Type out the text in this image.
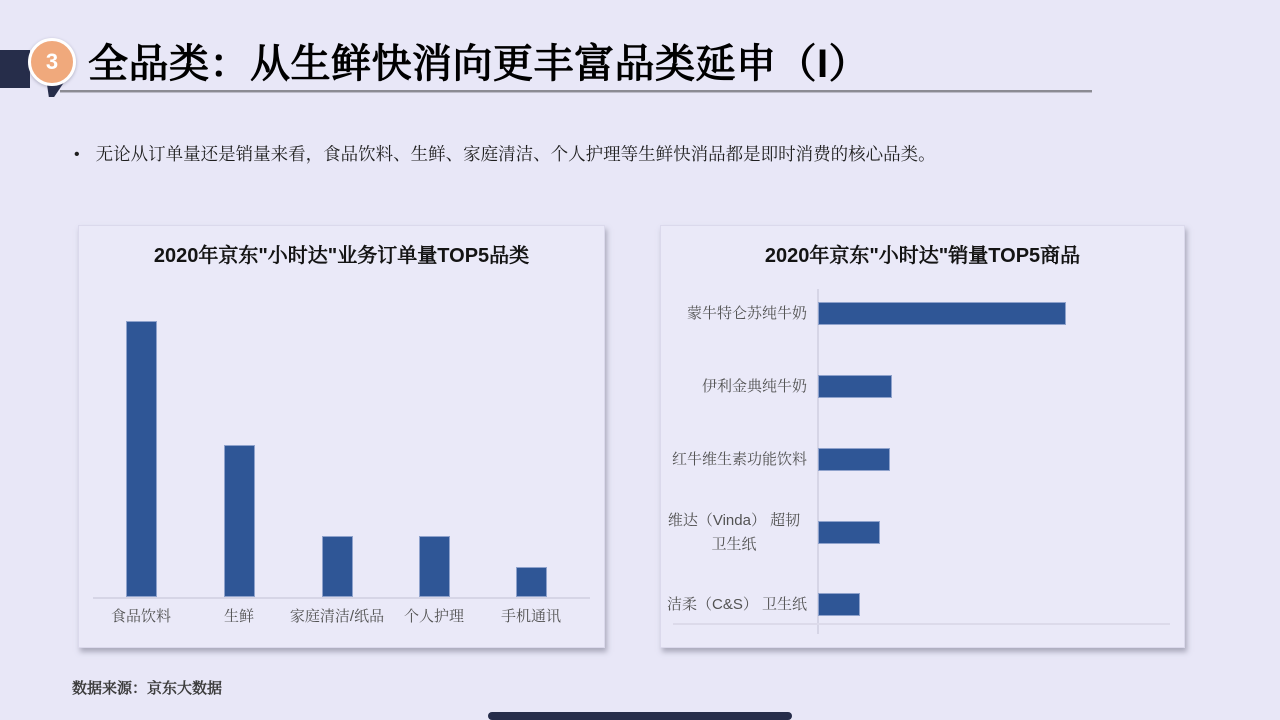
3 全品类：从生鲜快消向更丰富品类延申（I）
• 无论从订单量还是销量来看，食品饮料、生鲜、家庭清洁、个人护理等生鲜快消品都是即时消费的核心品类。
2020年京东"小时达"业务订单量TOP5品类
食品饮料	生鲜	家庭清洁/纸品	个人护理	手机通讯
2020年京东"小时达"销量TOP5商品
蒙牛特仑苏纯牛奶
伊利金典纯牛奶
红牛维生素功能饮料
维达（Vinda） 超韧卫生纸
洁柔（C&S） 卫生纸
数据来源：京东大数据
